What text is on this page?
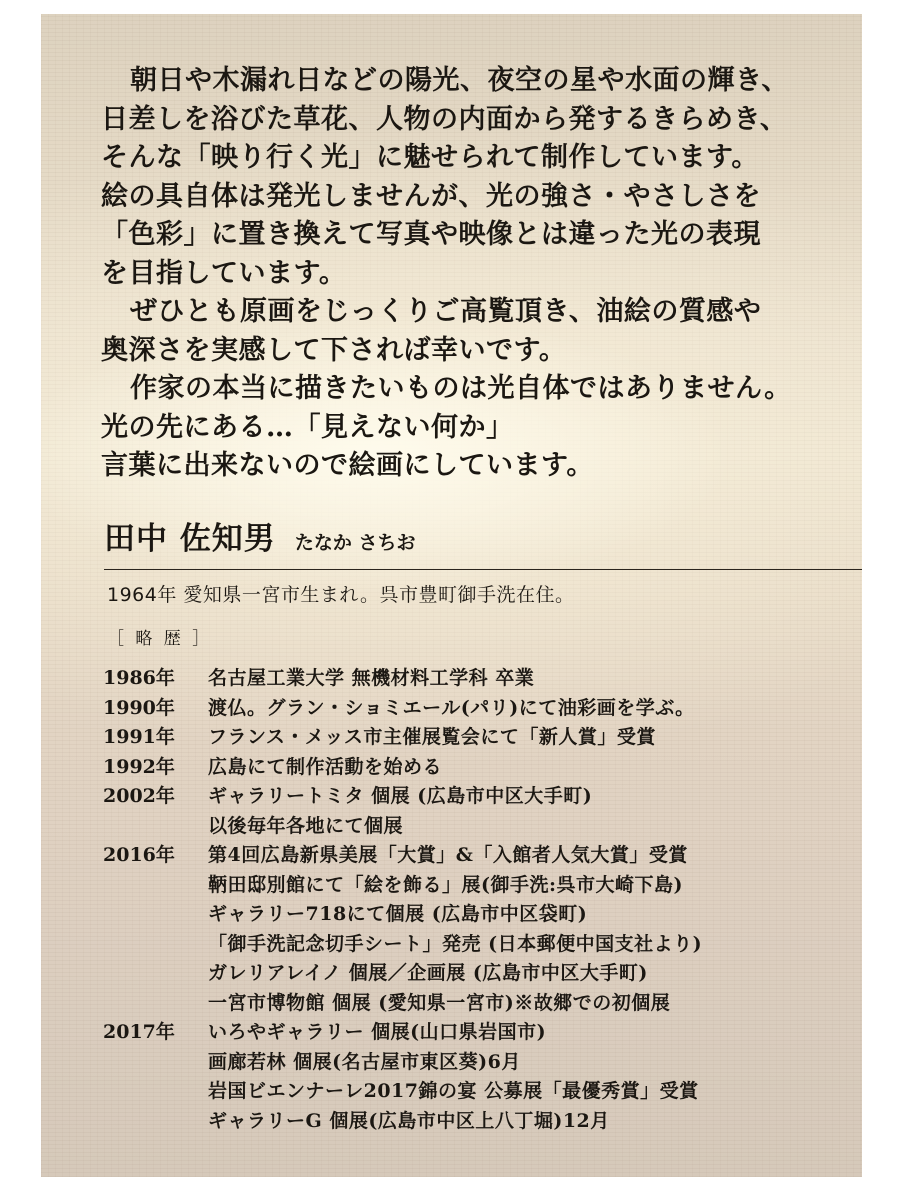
朝日や木漏れ日などの陽光、夜空の星や水面の輝き、

日差しを浴びた草花、人物の内面から発するきらめき、

そんな「映り行く光」に魅せられて制作しています。

絵の具自体は発光しませんが、光の強さ・やさしさを

「色彩」に置き換えて写真や映像とは違った光の表現

を目指しています。

ぜひとも原画をじっくりご高覧頂き、油絵の質感や

奥深さを実感して下されば幸いです。

作家の本当に描きたいものは光自体ではありません。

光の先にある…「見えない何か」

言葉に出来ないので絵画にしています。

田中 佐知男 たなか さちお
1964年 愛知県一宮市生まれ。呉市豊町御手洗在住。
［ 略 歴 ］
1986年	名古屋工業大学 無機材料工学科 卒業
1990年	渡仏。グラン・ショミエール(パリ)にて油彩画を学ぶ。
1991年	フランス・メッス市主催展覧会にて「新人賞」受賞
1992年	広島にて制作活動を始める
2002年	ギャラリートミタ 個展 (広島市中区大手町)
以後毎年各地にて個展
2016年	第4回広島新県美展「大賞」&「入館者人気大賞」受賞
鞆田邸別館にて「絵を飾る」展(御手洗:呉市大崎下島)
ギャラリー718にて個展 (広島市中区袋町)
「御手洗記念切手シート」発売 (日本郵便中国支社より)
ガレリアレイノ 個展／企画展 (広島市中区大手町)
一宮市博物館 個展 (愛知県一宮市)※故郷での初個展
2017年	いろやギャラリー 個展(山口県岩国市)
画廊若林 個展(名古屋市東区葵)6月
岩国ビエンナーレ2017錦の宴 公募展「最優秀賞」受賞
ギャラリーG 個展(広島市中区上八丁堀)12月
